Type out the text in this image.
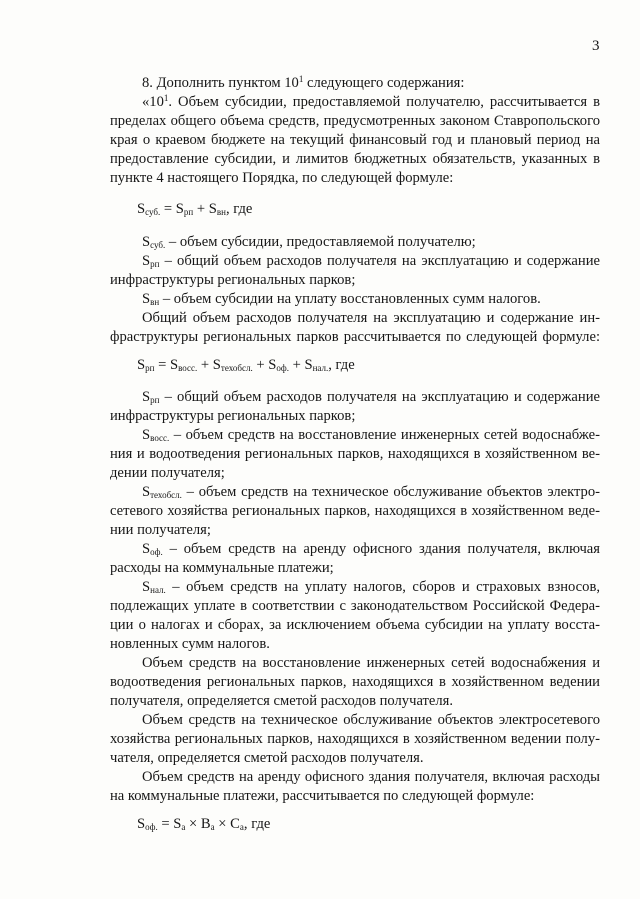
3
8. Дополнить пунктом $10^1$ следующего содержания:
«$10^1$. Объем субсидии, предоставляемой получателю, рассчитывается в
пределах общего объема средств, предусмотренных законом Ставропольского
края о краевом бюджете на текущий финансовый год и плановый период на
предоставление субсидии, и лимитов бюджетных обязательств, указанных в
пункте 4 настоящего Порядка, по следующей формуле:
$S_{суб.} = S_{рп} + S_{вн}$, где
$S_{суб.}$ – объем субсидии, предоставляемой получателю;
$S_{рп}$ – общий объем расходов получателя на эксплуатацию и содержание
инфраструктуры региональных парков;
$S_{вн}$ – объем субсидии на уплату восстановленных сумм налогов.
Общий объем расходов получателя на эксплуатацию и содержание ин-
фраструктуры региональных парков рассчитывается по следующей формуле:
$S_{рп} = S_{восс.} + S_{техобсл.} + S_{оф.} + S_{нал.}$, где
$S_{рп}$ – общий объем расходов получателя на эксплуатацию и содержание
инфраструктуры региональных парков;
$S_{восс.}$ – объем средств на восстановление инженерных сетей водоснабже-
ния и водоотведения региональных парков, находящихся в хозяйственном ве-
дении получателя;
$S_{техобсл.}$ – объем средств на техническое обслуживание объектов электро-
сетевого хозяйства региональных парков, находящихся в хозяйственном веде-
нии получателя;
$S_{оф.}$ – объем средств на аренду офисного здания получателя, включая
расходы на коммунальные платежи;
$S_{нал.}$ – объем средств на уплату налогов, сборов и страховых взносов,
подлежащих уплате в соответствии с законодательством Российской Федера-
ции о налогах и сборах, за исключением объема субсидии на уплату восста-
новленных сумм налогов.
Объем средств на восстановление инженерных сетей водоснабжения и
водоотведения региональных парков, находящихся в хозяйственном ведении
получателя, определяется сметой расходов получателя.
Объем средств на техническое обслуживание объектов электросетевого
хозяйства региональных парков, находящихся в хозяйственном ведении полу-
чателя, определяется сметой расходов получателя.
Объем средств на аренду офисного здания получателя, включая расходы
на коммунальные платежи, рассчитывается по следующей формуле:
$S_{оф.} = S_а \times В_а \times С_а$, где
